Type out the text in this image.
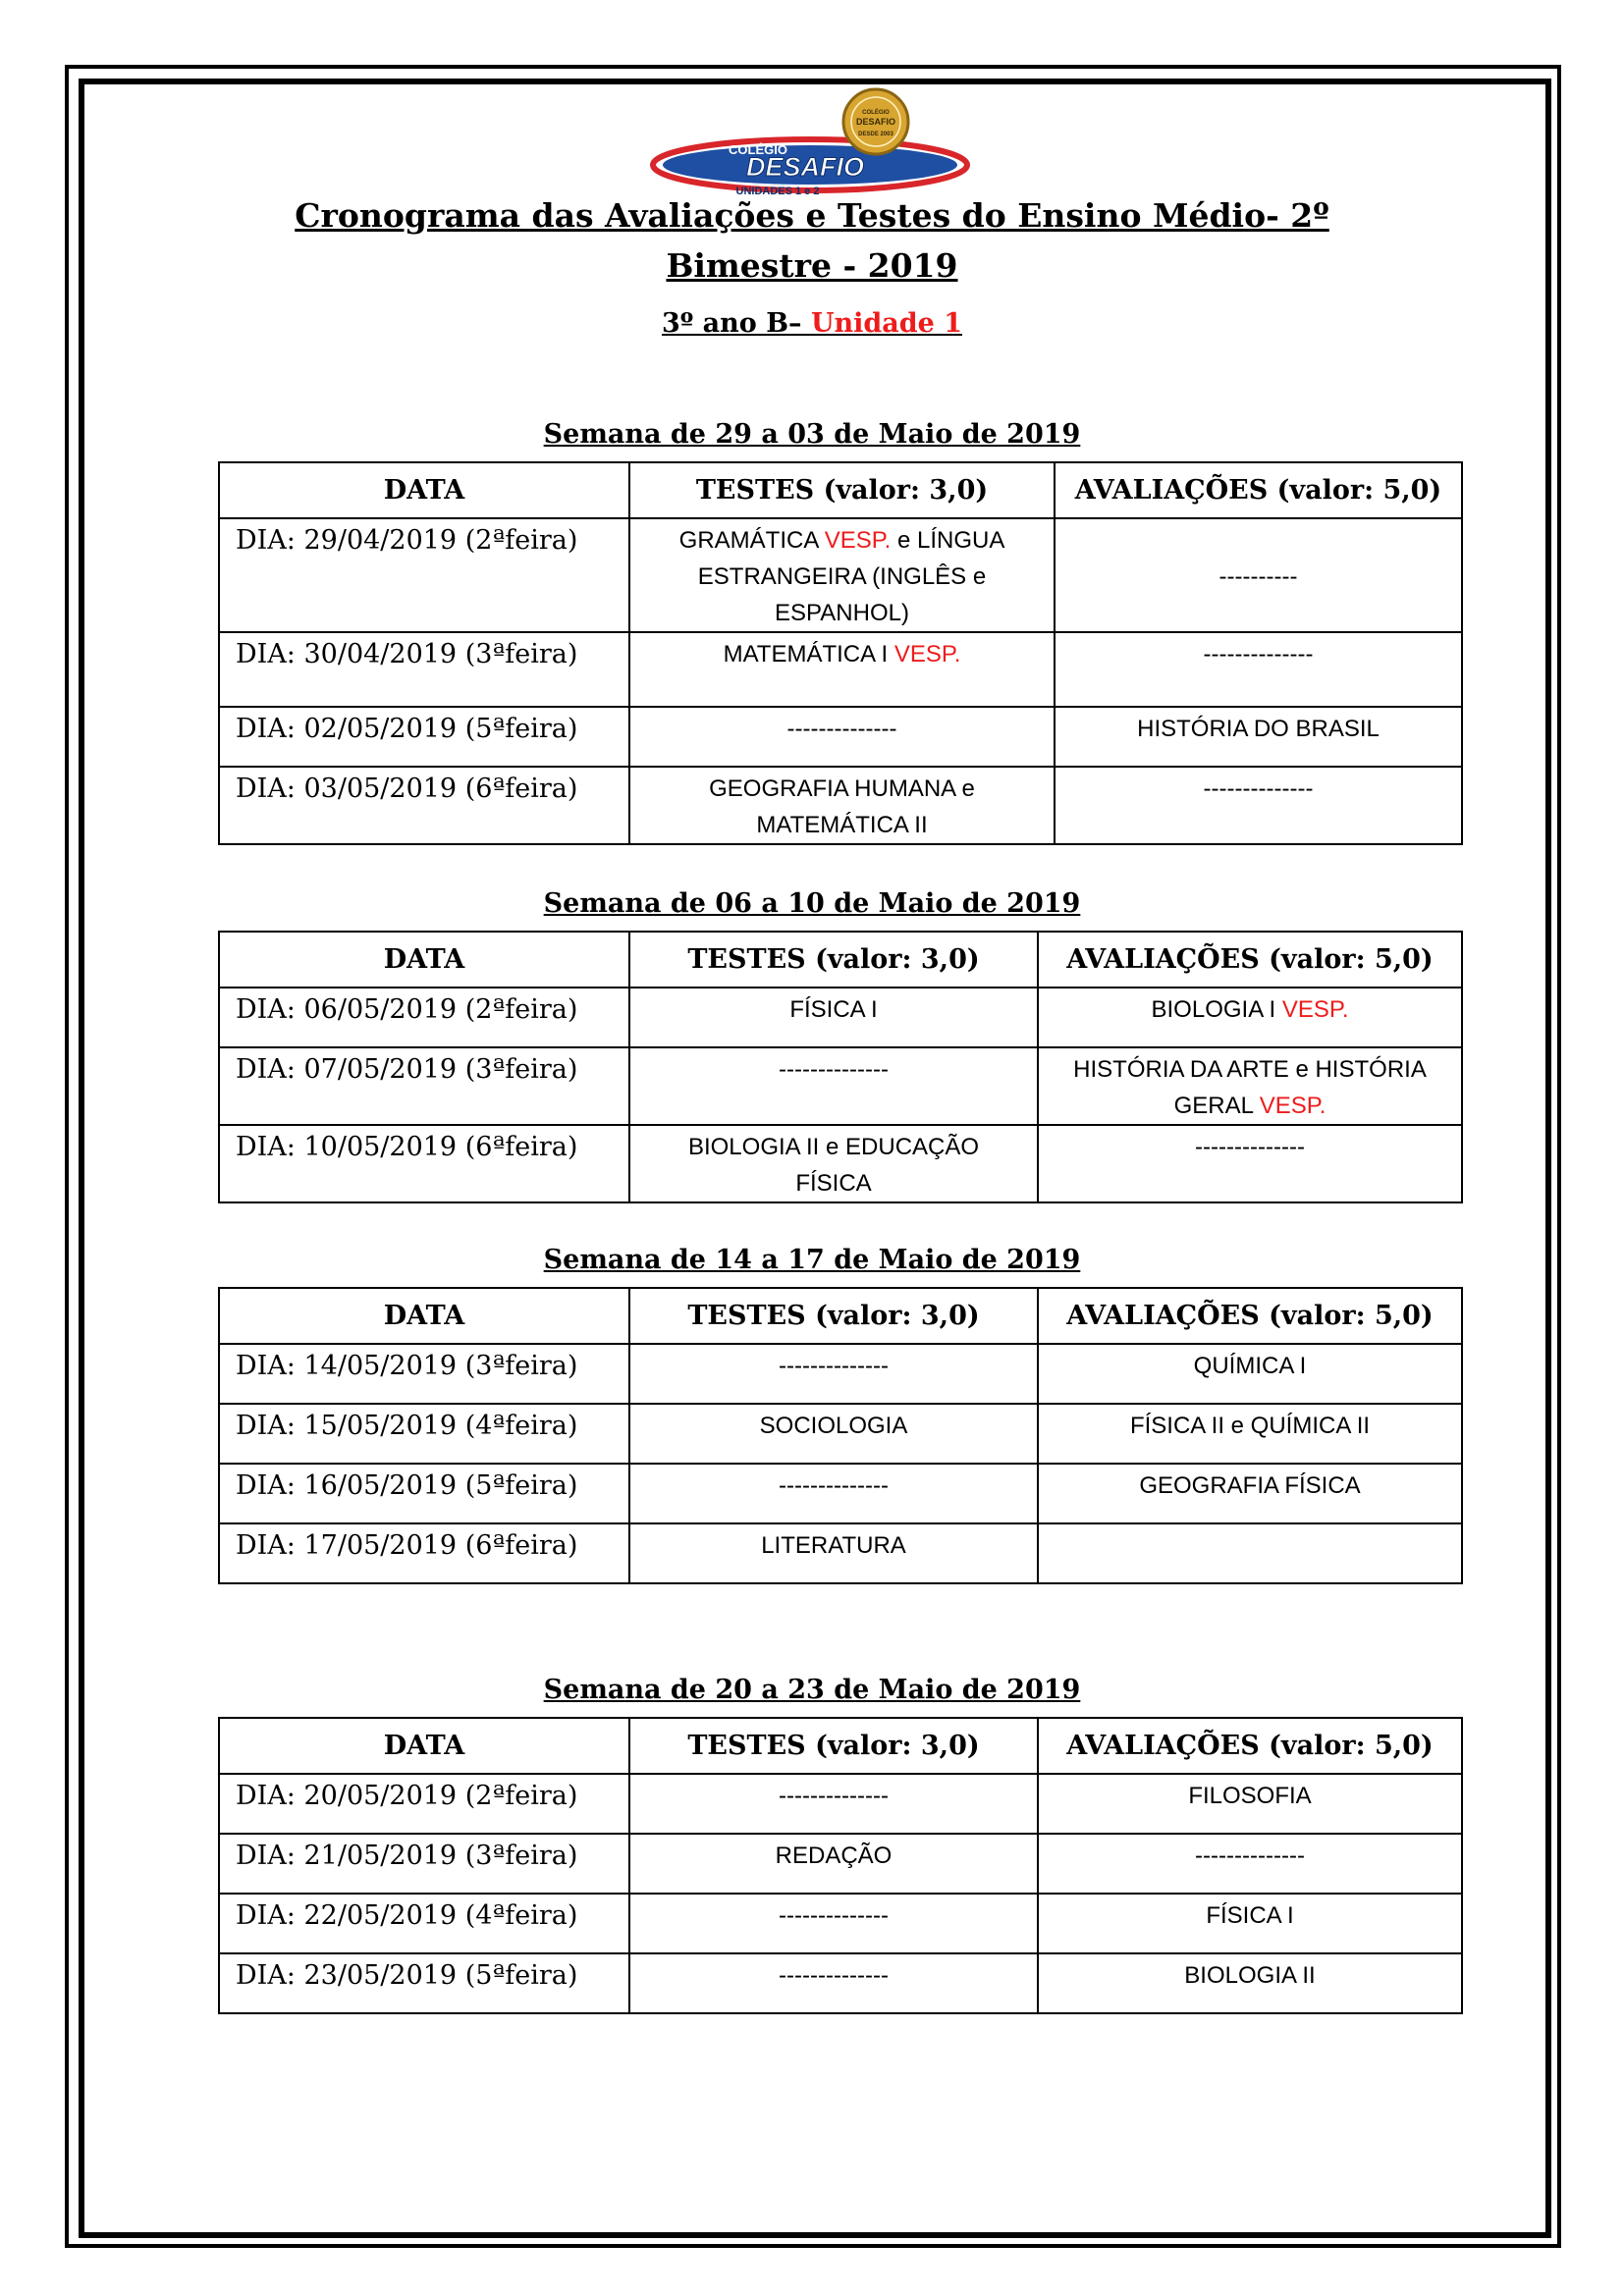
COLÉGIO
DESAFIO
DESDE 2003
COLÉGIO
DESAFIO
UNIDADES 1 e 2
Cronograma das Avaliações e Testes do Ensino Médio- 2º
Bimestre - 2019
3º ano B– Unidade 1
Semana de 29 a 03 de Maio de 2019
DATA	TESTES (valor: 3,0)	AVALIAÇÕES (valor: 5,0)
DIA: 29/04/2019 (2ªfeira)	GRAMÁTICA VESP. e LÍNGUA ESTRANGEIRA (INGLÊS e ESPANHOL)	----------
DIA: 30/04/2019 (3ªfeira)	MATEMÁTICA I VESP.	--------------
DIA: 02/05/2019 (5ªfeira)	--------------	HISTÓRIA DO BRASIL
DIA: 03/05/2019 (6ªfeira)	GEOGRAFIA HUMANA e MATEMÁTICA II	--------------
Semana de 06 a 10 de Maio de 2019
DATA	TESTES (valor: 3,0)	AVALIAÇÕES (valor: 5,0)
DIA: 06/05/2019 (2ªfeira)	FÍSICA I	BIOLOGIA I VESP.
DIA: 07/05/2019 (3ªfeira)	--------------	HISTÓRIA DA ARTE e HISTÓRIA GERAL VESP.
DIA: 10/05/2019 (6ªfeira)	BIOLOGIA II e EDUCAÇÃO FÍSICA	--------------
Semana de 14 a 17 de Maio de 2019
DATA	TESTES (valor: 3,0)	AVALIAÇÕES (valor: 5,0)
DIA: 14/05/2019 (3ªfeira)	--------------	QUÍMICA I
DIA: 15/05/2019 (4ªfeira)	SOCIOLOGIA	FÍSICA II e QUÍMICA II
DIA: 16/05/2019 (5ªfeira)	--------------	GEOGRAFIA FÍSICA
DIA: 17/05/2019 (6ªfeira)	LITERATURA	
Semana de 20 a 23 de Maio de 2019
DATA	TESTES (valor: 3,0)	AVALIAÇÕES (valor: 5,0)
DIA: 20/05/2019 (2ªfeira)	--------------	FILOSOFIA
DIA: 21/05/2019 (3ªfeira)	REDAÇÃO	--------------
DIA: 22/05/2019 (4ªfeira)	--------------	FÍSICA I
DIA: 23/05/2019 (5ªfeira)	--------------	BIOLOGIA II
